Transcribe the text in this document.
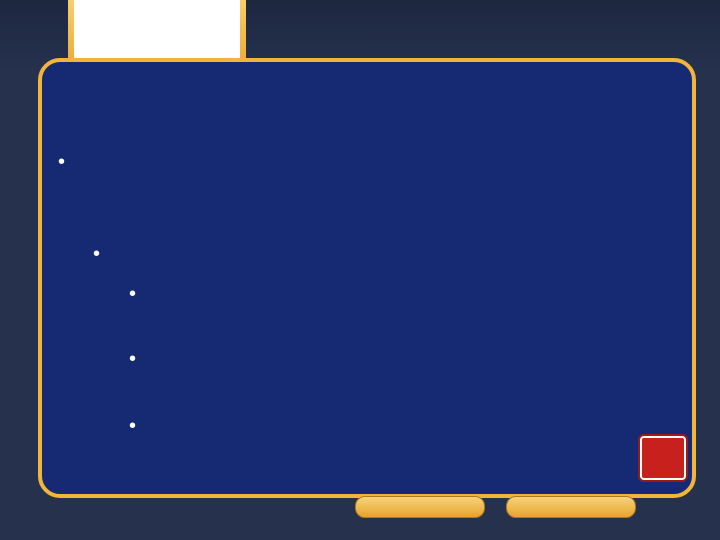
•
•
•
•
•
